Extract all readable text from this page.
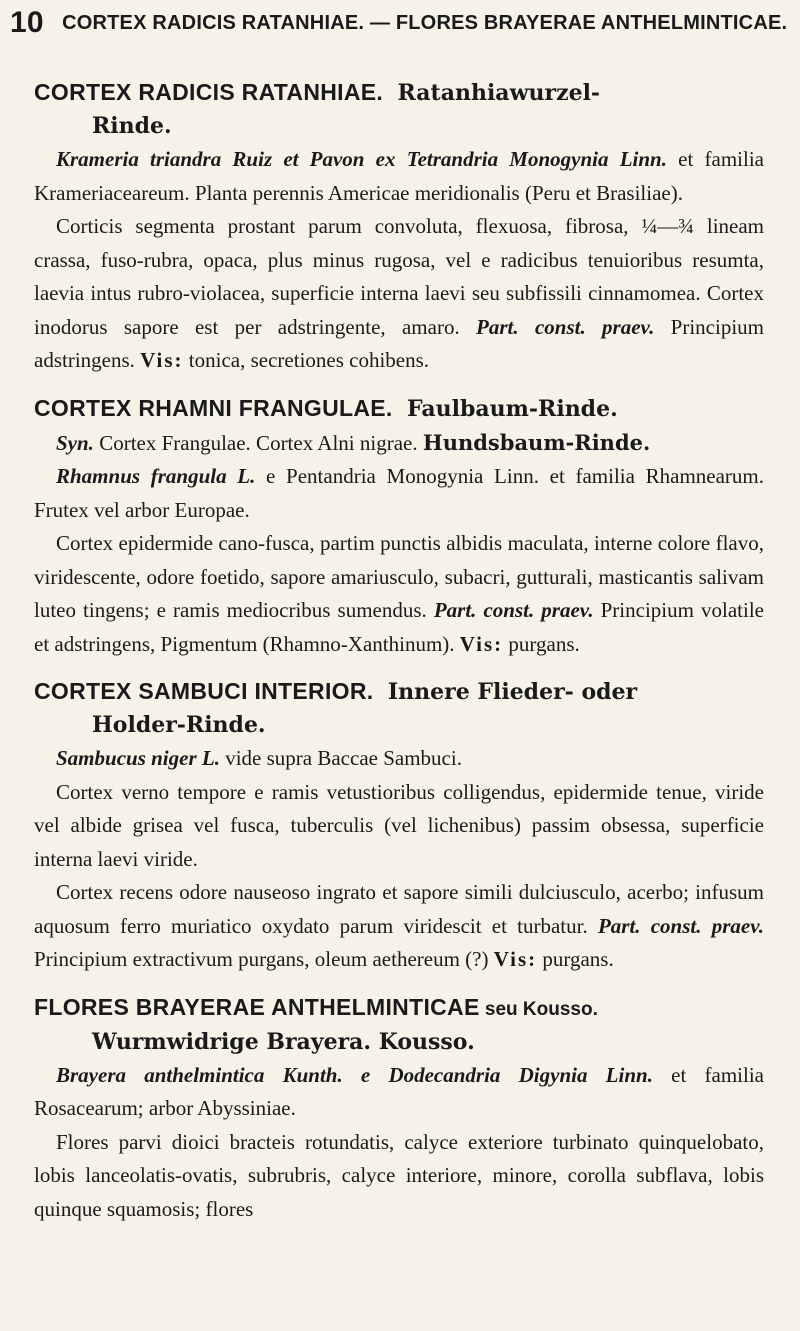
10 CORTEX RADICIS RATANHIAE. — FLORES BRAYERAE ANTHELMINTICAE.
CORTEX RADICIS RATANHIAE. Ratanhiawurzel-
Rinde.

Krameria triandra Ruiz et Pavon ex Tetrandria Monogynia Linn. et familia Krameriaceareum. Planta perennis Americae meridionalis (Peru et Brasiliae).

Corticis segmenta prostant parum convoluta, flexuosa, fibrosa, ¼—¾ lineam crassa, fuso-rubra, opaca, plus minus rugosa, vel e radicibus tenuioribus resumta, laevia intus rubro-violacea, superficie interna laevi seu subfissili cinnamomea. Cortex inodorus sapore est per adstringente, amaro. Part. const. praev. Principium adstringens. Vis: tonica, secretiones cohibens.

CORTEX RHAMNI FRANGULAE. Faulbaum-Rinde.

Syn. Cortex Frangulae. Cortex Alni nigrae. Hundsbaum-Rinde.

Rhamnus frangula L. e Pentandria Monogynia Linn. et familia Rhamnearum. Frutex vel arbor Europae.

Cortex epidermide cano-fusca, partim punctis albidis maculata, interne colore flavo, viridescente, odore foetido, sapore amariusculo, subacri, gutturali, masticantis salivam luteo tingens; e ramis mediocribus sumendus. Part. const. praev. Principium volatile et adstringens, Pigmentum (Rhamno-Xanthinum). Vis: purgans.

CORTEX SAMBUCI INTERIOR. Innere Flieder- oder
Holder-Rinde.

Sambucus niger L. vide supra Baccae Sambuci.

Cortex verno tempore e ramis vetustioribus colligendus, epidermide tenue, viride vel albide grisea vel fusca, tuberculis (vel lichenibus) passim obsessa, superficie interna laevi viride.

Cortex recens odore nauseoso ingrato et sapore simili dulciusculo, acerbo; infusum aquosum ferro muriatico oxydato parum viridescit et turbatur. Part. const. praev. Principium extractivum purgans, oleum aethereum (?) Vis: purgans.

FLORES BRAYERAE ANTHELMINTICAE seu Kousso.
Wurmwidrige Brayera. Kousso.

Brayera anthelmintica Kunth. e Dodecandria Digynia Linn. et familia Rosacearum; arbor Abyssiniae.

Flores parvi dioici bracteis rotundatis, calyce exteriore turbinato quinquelobato, lobis lanceolatis-ovatis, subrubris, calyce interiore, minore, corolla subflava, lobis quinque squamosis; flores
